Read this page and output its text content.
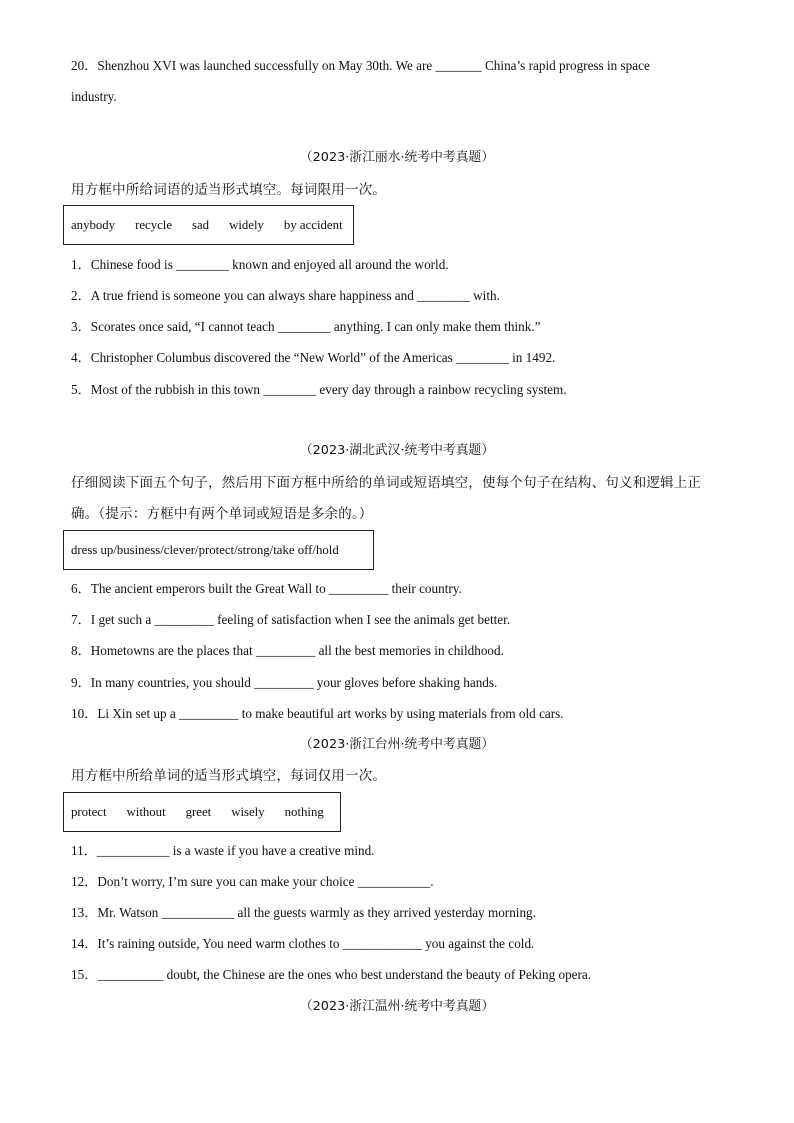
20．Shenzhou XVI was launched successfully on May 30th. We are _______ China’s rapid progress in space
industry.
（2023·浙江丽水·统考中考真题）
用方框中所给词语的适当形式填空。每词限用一次。
anybody recycle sad widely by accident
1．Chinese food is ________ known and enjoyed all around the world.
2．A true friend is someone you can always share happiness and ________ with.
3．Scorates once said, “I cannot teach ________ anything. I can only make them think.”
4．Christopher Columbus discovered the “New World” of the Americas ________ in 1492.
5．Most of the rubbish in this town ________ every day through a rainbow recycling system.
（2023·湖北武汉·统考中考真题）
仔细阅读下面五个句子，然后用下面方框中所给的单词或短语填空，使每个句子在结构、句义和逻辑上正
确。（提示：方框中有两个单词或短语是多余的。）
dress up/business/clever/protect/strong/take off/hold
6．The ancient emperors built the Great Wall to _________ their country.
7．I get such a _________ feeling of satisfaction when I see the animals get better.
8．Hometowns are the places that _________ all the best memories in childhood.
9．In many countries, you should _________ your gloves before shaking hands.
10．Li Xin set up a _________ to make beautiful art works by using materials from old cars.
（2023·浙江台州·统考中考真题）
用方框中所给单词的适当形式填空，每词仅用一次。
protect without greet wisely nothing
11．___________ is a waste if you have a creative mind.
12．Don’t worry, I’m sure you can make your choice ___________.
13．Mr. Watson ___________ all the guests warmly as they arrived yesterday morning.
14．It’s raining outside, You need warm clothes to ____________ you against the cold.
15．__________ doubt, the Chinese are the ones who best understand the beauty of Peking opera.
（2023·浙江温州·统考中考真题）
